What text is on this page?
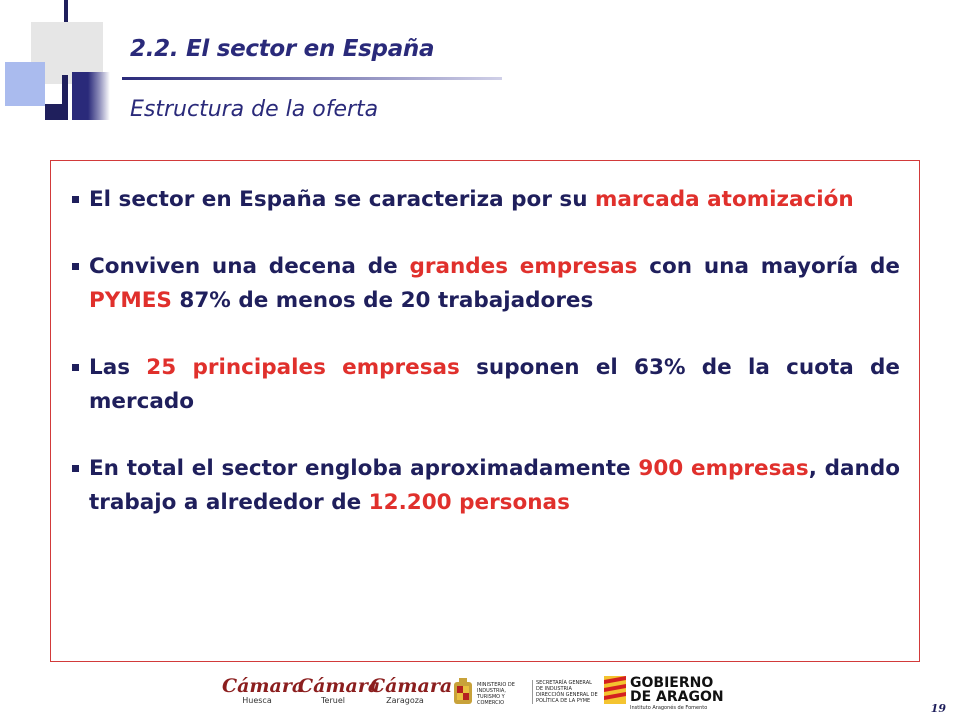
2.2. El sector en España
Estructura de la oferta
El sector en España se caracteriza por su marcada atomización
Conviven una decena de grandes empresas con una mayoría de PYMES 87% de menos de 20 trabajadores
Las 25 principales empresas suponen el 63% de la cuota de mercado
En total el sector engloba aproximadamente 900 empresas, dando trabajo a alrededor de 12.200 personas
Cámara
Huesca
Cámara
Teruel
Cámara
Zaragoza
MINISTERIO DE INDUSTRIA, TURISMO Y COMERCIO
SECRETARÍA GENERAL DE INDUSTRIA DIRECCIÓN GENERAL DE POLÍTICA DE LA PYME
GOBIERNO
DE ARAGON
Instituto Aragonés de Fomento	19
